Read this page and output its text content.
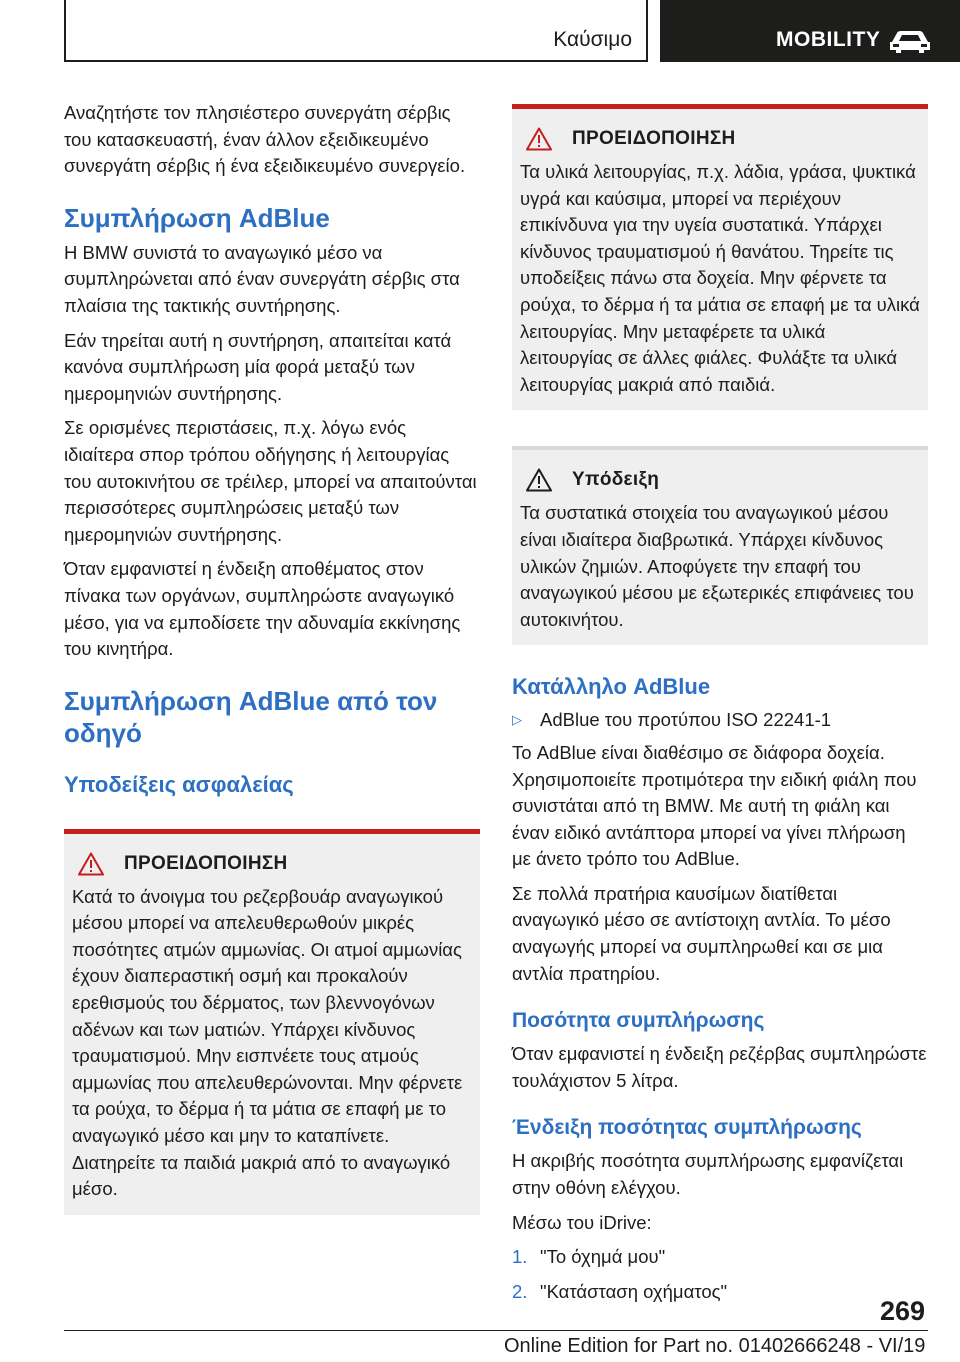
Καύσιμο	MOBILITY

Αναζητήστε τον πλησιέστερο συνεργάτη σέρβις του κατασκευαστή, έναν άλλον εξειδικευμένο συνεργάτη σέρβις ή ένα εξειδικευμένο συνεργείο.

Συμπλήρωση AdBlue

Η BMW συνιστά το αναγωγικό μέσο να συμπληρώνεται από έναν συνεργάτη σέρβις στα πλαίσια της τακτικής συντήρησης.

Εάν τηρείται αυτή η συντήρηση, απαιτείται κατά κανόνα συμπλήρωση μία φορά μεταξύ των ημερομηνιών συντήρησης.

Σε ορισμένες περιστάσεις, π.χ. λόγω ενός ιδιαίτερα σπορ τρόπου οδήγησης ή λειτουργίας του αυτοκινήτου σε τρέιλερ, μπορεί να απαιτούνται περισσότερες συμπληρώσεις μεταξύ των ημερομηνιών συντήρησης.

Όταν εμφανιστεί η ένδειξη αποθέματος στον πίνακα των οργάνων, συμπληρώστε αναγωγικό μέσο, για να εμποδίσετε την αδυναμία εκκίνησης του κινητήρα.

Συμπλήρωση AdBlue από τον οδηγό
Υποδείξεις ασφαλείας
ΠΡΟΕΙΔΟΠΟΙΗΣΗ

Κατά το άνοιγμα του ρεζερβουάρ αναγωγικού μέσου μπορεί να απελευθερωθούν μικρές ποσότητες ατμών αμμωνίας. Οι ατμοί αμμωνίας έχουν διαπεραστική οσμή και προκαλούν ερεθισμούς του δέρματος, των βλεννογόνων αδένων και των ματιών. Υπάρχει κίνδυνος τραυματισμού. Μην εισπνέετε τους ατμούς αμμωνίας που απελευθερώνονται. Μην φέρνετε τα ρούχα, το δέρμα ή τα μάτια σε επαφή με το αναγωγικό μέσο και μην το καταπίνετε. Διατηρείτε τα παιδιά μακριά από το αναγωγικό μέσο.

ΠΡΟΕΙΔΟΠΟΙΗΣΗ

Τα υλικά λειτουργίας, π.χ. λάδια, γράσα, ψυκτικά υγρά και καύσιμα, μπορεί να περιέχουν επικίνδυνα για την υγεία συστατικά. Υπάρχει κίνδυνος τραυματισμού ή θανάτου. Τηρείτε τις υποδείξεις πάνω στα δοχεία. Μην φέρνετε τα ρούχα, το δέρμα ή τα μάτια σε επαφή με τα υλικά λειτουργίας. Μην μεταφέρετε τα υλικά λειτουργίας σε άλλες φιάλες. Φυλάξτε τα υλικά λειτουργίας μακριά από παιδιά.

Υπόδειξη

Τα συστατικά στοιχεία του αναγωγικού μέσου είναι ιδιαίτερα διαβρωτικά. Υπάρχει κίνδυνος υλικών ζημιών. Αποφύγετε την επαφή του αναγωγικού μέσου με εξωτερικές επιφάνειες του αυτοκινήτου.

Κατάλληλο AdBlue
▷ AdBlue του προτύπου ISO 22241-1

Το AdBlue είναι διαθέσιμο σε διάφορα δοχεία. Χρησιμοποιείτε προτιμότερα την ειδική φιάλη που συνιστάται από τη BMW. Με αυτή τη φιάλη και έναν ειδικό αντάπτορα μπορεί να γίνει πλήρωση με άνετο τρόπο του AdBlue.

Σε πολλά πρατήρια καυσίμων διατίθεται αναγωγικό μέσο σε αντίστοιχη αντλία. Το μέσο αναγωγής μπορεί να συμπληρωθεί και σε μια αντλία πρατηρίου.

Ποσότητα συμπλήρωσης

Όταν εμφανιστεί η ένδειξη ρεζέρβας συμπληρώστε τουλάχιστον 5 λίτρα.

Ένδειξη ποσότητας συμπλήρωσης

Η ακριβής ποσότητα συμπλήρωσης εμφανίζεται στην οθόνη ελέγχου.

Μέσω του iDrive:

1. "Το όχημά μου"
2. "Κατάσταση οχήματος"
269
Online Edition for Part no. 01402666248 - VI/19
